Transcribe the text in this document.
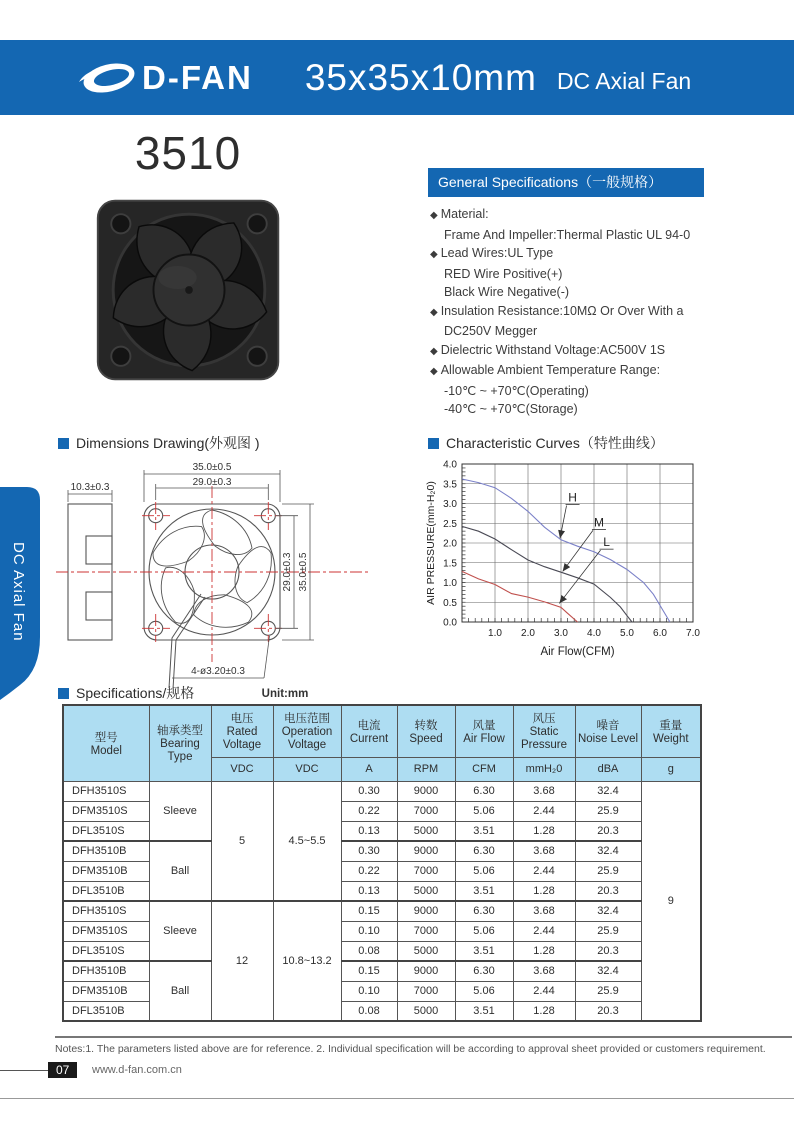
D-FAN 35x35x10mm DC Axial Fan
DC Axial Fan
3510
General Specifications（一般规格）
◆ Material:
Frame And Impeller:Thermal Plastic UL 94-0
◆ Lead Wires:UL Type
RED Wire Positive(+)
Black Wire Negative(-)
◆ Insulation Resistance:10MΩ Or Over With a
DC250V Megger
◆ Dielectric Withstand Voltage:AC500V 1S
◆ Allowable Ambient Temperature Range:
-10℃ ~ +70℃(Operating)
-40℃ ~ +70℃(Storage)
Dimensions Drawing(外观图 )	Characteristic Curves（特性曲线）
Specifications/规格
10.3±0.3
35.0±0.5
29.0±0.3
29.0±0.3 35.0±0.5
4-ø3.20±0.3
Unit:mm
0.0
0.5
1.0
1.5
2.0
2.5
3.0
3.5
4.0
1.0 2.0 3.0 4.0 5.0 6.0 7.0
H
M
L
Air Flow(CFM)
AIR PRESSURE(mm-H₂0)
型号
Model

轴承类型
Bearing Type

电压
Rated Voltage

电压范围
Operation Voltage

电流
Current

转数
Speed

风量
Air Flow

风压
Static Pressure

噪音
Noise Level

重量
Weight

		VDC	VDC	A	RPM	CFM	mmH₂0	dBA	g
DFH3510S	Sleeve	5	4.5~5.5	0.30	9000	6.30	3.68	32.4	9
DFM3510S				0.22	7000	5.06	2.44	25.9	
DFL3510S				0.13	5000	3.51	1.28	20.3	
DFH3510B	Ball			0.30	9000	6.30	3.68	32.4	
DFM3510B				0.22	7000	5.06	2.44	25.9	
DFL3510B				0.13	5000	3.51	1.28	20.3	
DFH3510S	Sleeve	12	10.8~13.2	0.15	9000	6.30	3.68	32.4	
DFM3510S				0.10	7000	5.06	2.44	25.9	
DFL3510S				0.08	5000	3.51	1.28	20.3	
DFH3510B	Ball			0.15	9000	6.30	3.68	32.4	
DFM3510B				0.10	7000	5.06	2.44	25.9	
DFL3510B				0.08	5000	3.51	1.28	20.3	
Notes:1. The parameters listed above are for reference. 2. Individual specification will be according to approval sheet provided or customers requirement.
07	www.d-fan.com.cn
